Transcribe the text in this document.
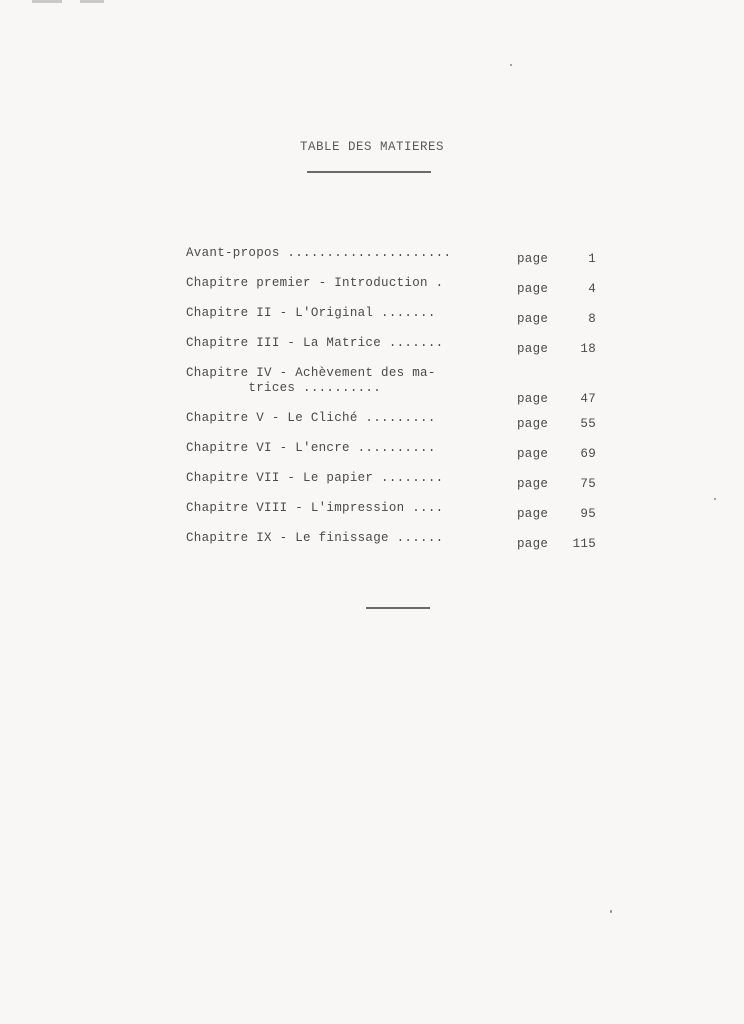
TABLE DES MATIERES
Avant-propos .....................	page	1
Chapitre premier - Introduction .	page	4
Chapitre II - L'Original .......	page	8
Chapitre III - La Matrice .......	page	18
Chapitre IV - Achèvement des ma-
trices ..........
page	47
Chapitre V - Le Cliché .........	page	55
Chapitre VI - L'encre ..........	page	69
Chapitre VII - Le papier ........	page	75
Chapitre VIII - L'impression ....	page	95
Chapitre IX - Le finissage ......	page 115
